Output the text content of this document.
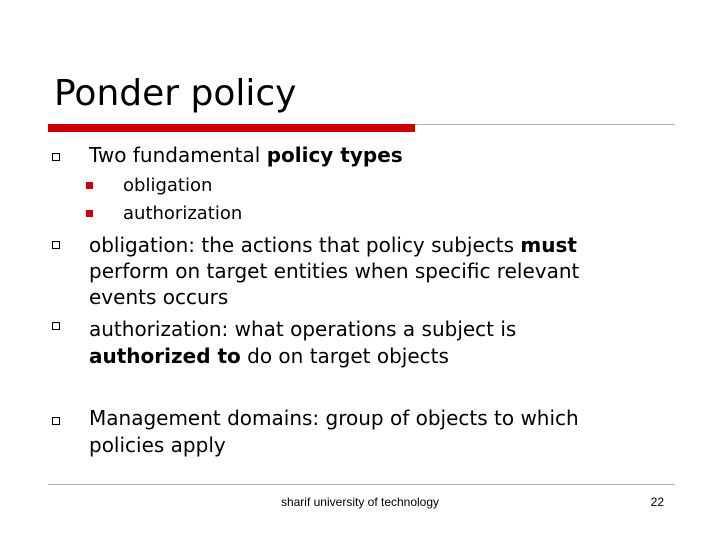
Ponder policy
Two fundamental policy types
obligation
authorization
obligation: the actions that policy subjects must
perform on target entities when specific relevant
events occurs
authorization: what operations a subject is
authorized to do on target objects
Management domains: group of objects to which
policies apply
sharif university of technology	22
